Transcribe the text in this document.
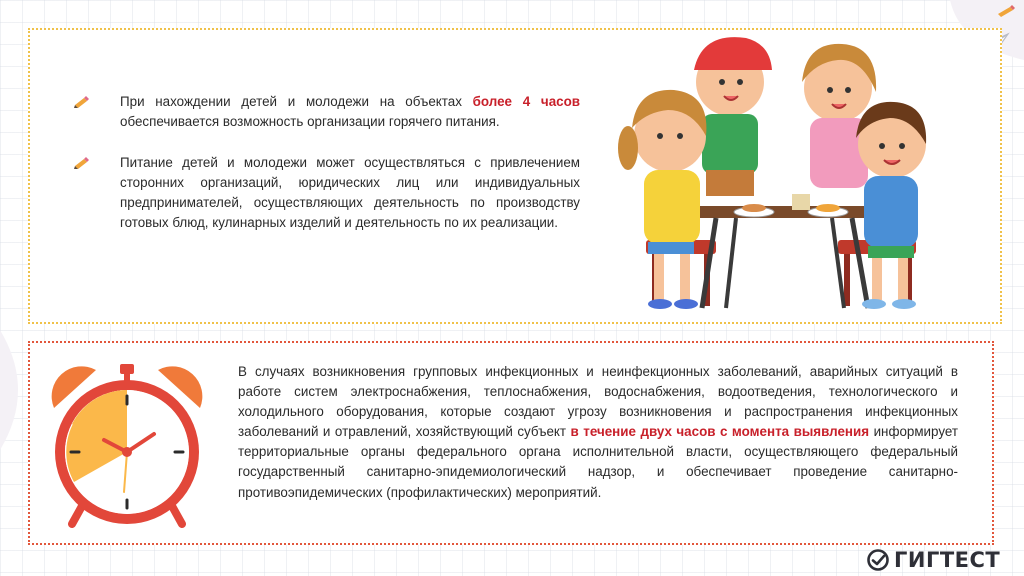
При нахождении детей и молодежи на объектах более 4 часов обеспечивается возможность организации горячего питания.
Питание детей и молодежи может осуществляться с привлечением сторонних организаций, юридических лиц или индивидуальных предпринимателей, осуществляющих деятельность по производству готовых блюд, кулинарных изделий и деятельность по их реализации.
В случаях возникновения групповых инфекционных и неинфекционных заболеваний, аварийных ситуаций в работе систем электроснабжения, теплоснабжения, водоснабжения, водоотведения, технологического и холодильного оборудования, которые создают угрозу возникновения и распространения инфекционных заболеваний и отравлений, хозяйствующий субъект в течение двух часов с момента выявления информирует территориальные органы федерального органа исполнительной власти, осуществляющего федеральный государственный санитарно-эпидемиологический надзор, и обеспечивает проведение санитарно-противоэпидемических (профилактических) мероприятий.
ГИГТЕСТ
